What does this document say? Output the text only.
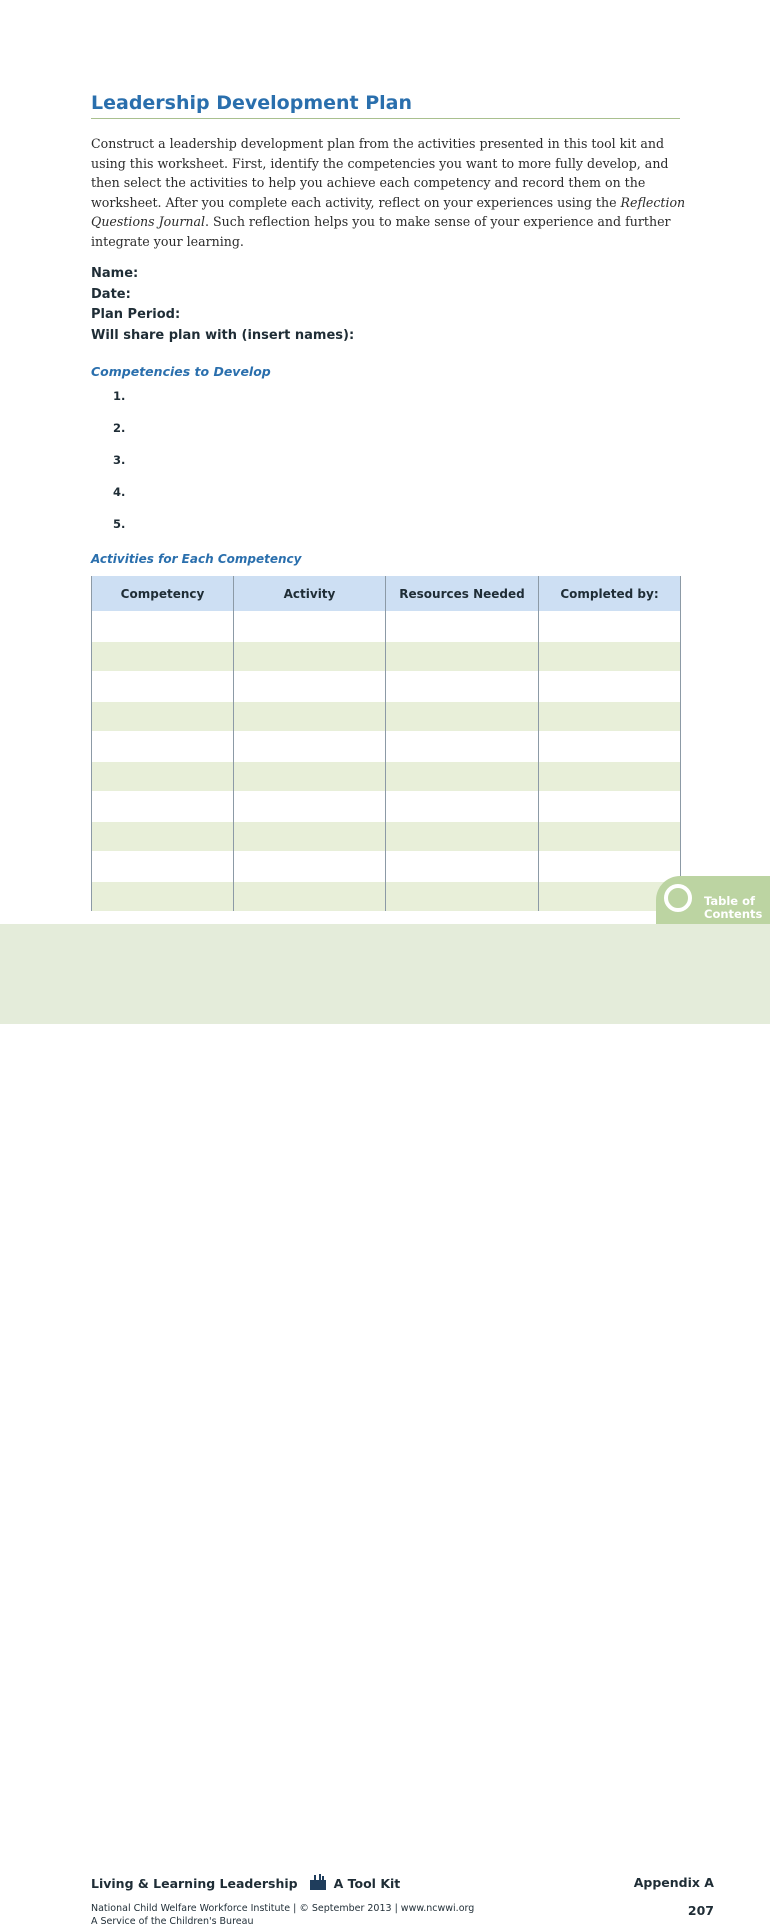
Leadership Development Plan

Construct a leadership development plan from the activities presented in this tool kit and using this worksheet. First, identify the competencies you want to more fully develop, and then select the activities to help you achieve each competency and record them on the worksheet. After you complete each activity, reflect on your experiences using the Reflection Questions Journal. Such reflection helps you to make sense of your experience and further integrate your learning.

Name:
Date:
Plan Period:
Will share plan with (insert names):
Competencies to Develop
1.
2.
3.
4.
5.
Activities for Each Competency
Competency	Activity	Resources Needed	Completed by:

Living & Learning Leadership	A Tool Kit
National Child Welfare Workforce Institute | © September 2013 | www.ncwwi.org
A Service of the Children's Bureau
Appendix A
207
Table of
Contents
